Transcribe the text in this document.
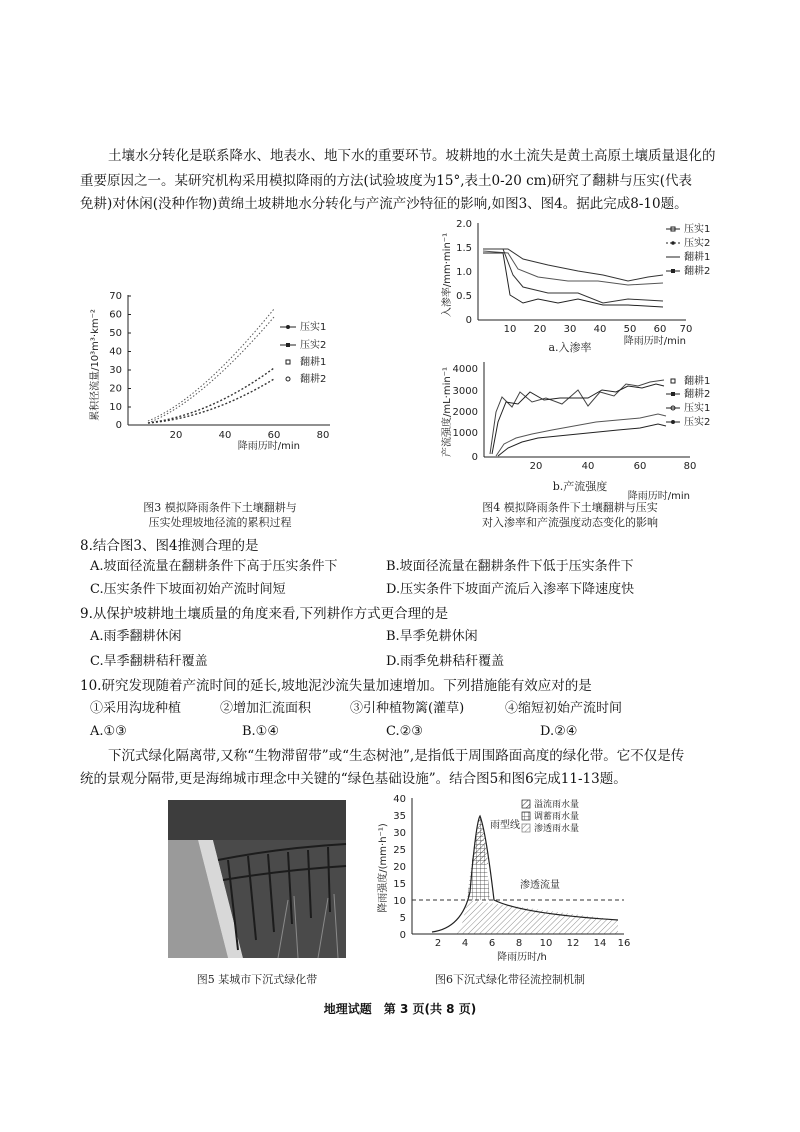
土壤水分转化是联系降水、地表水、地下水的重要环节。坡耕地的水土流失是黄土高原土壤质量退化的
重要原因之一。某研究机构采用模拟降雨的方法(试验坡度为15°,表土0-20 cm)研究了翻耕与压实(代表
免耕)对休闲(没种作物)黄绵土坡耕地水分转化与产流产沙特征的影响,如图3、图4。据此完成8-10题。
70
60
50
40
30
20
10
0
20	40	60	80
降雨历时/min
累积径流量/10³m³·km⁻²	压实1
压实2
翻耕1
翻耕2
图3 模拟降雨条件下土壤翻耕与
压实处理坡地径流的累积过程
2.0
1.5
1.0
0.5
0
10 20 30 40 50 60 70
降雨历时/min
入渗率/mm·min⁻¹
压实1
压实2
翻耕1
翻耕2
a.入渗率
4000
3000
2000
1000
0
20	40	60	80
降雨历时/min
产流强度/mL·min⁻¹	翻耕1
翻耕2
压实1
压实2
b.产流强度
图4 模拟降雨条件下土壤翻耕与压实
对入渗率和产流强度动态变化的影响
8.结合图3、图4推测合理的是
A.坡面径流量在翻耕条件下高于压实条件下	B.坡面径流量在翻耕条件下低于压实条件下
C.压实条件下坡面初始产流时间短	D.压实条件下坡面产流后入渗率下降速度快
9.从保护坡耕地土壤质量的角度来看,下列耕作方式更合理的是
A.雨季翻耕休闲	B.旱季免耕休闲
C.旱季翻耕秸秆覆盖	D.雨季免耕秸秆覆盖
10.研究发现随着产流时间的延长,坡地泥沙流失量加速增加。下列措施能有效应对的是
①采用沟垅种植	②增加汇流面积	③引种植物篱(灌草)	④缩短初始产流时间
A.①③	B.①④	C.②③	D.②④
下沉式绿化隔离带,又称“生物滞留带”或“生态树池”,是指低于周围路面高度的绿化带。它不仅是传
统的景观分隔带,更是海绵城市理念中关键的“绿色基础设施”。结合图5和图6完成11-13题。
图5 某城市下沉式绿化带
40
35
30
25
20
15
10
5
0
2 4 6 8 10 12 14 16
降雨历时/h
降雨强度/(mm·h⁻¹)	渗透流量
雨型线
溢流雨水量
调蓄雨水量
渗透雨水量
图6下沉式绿化带径流控制机制
地理试题　第 3 页(共 8 页)
